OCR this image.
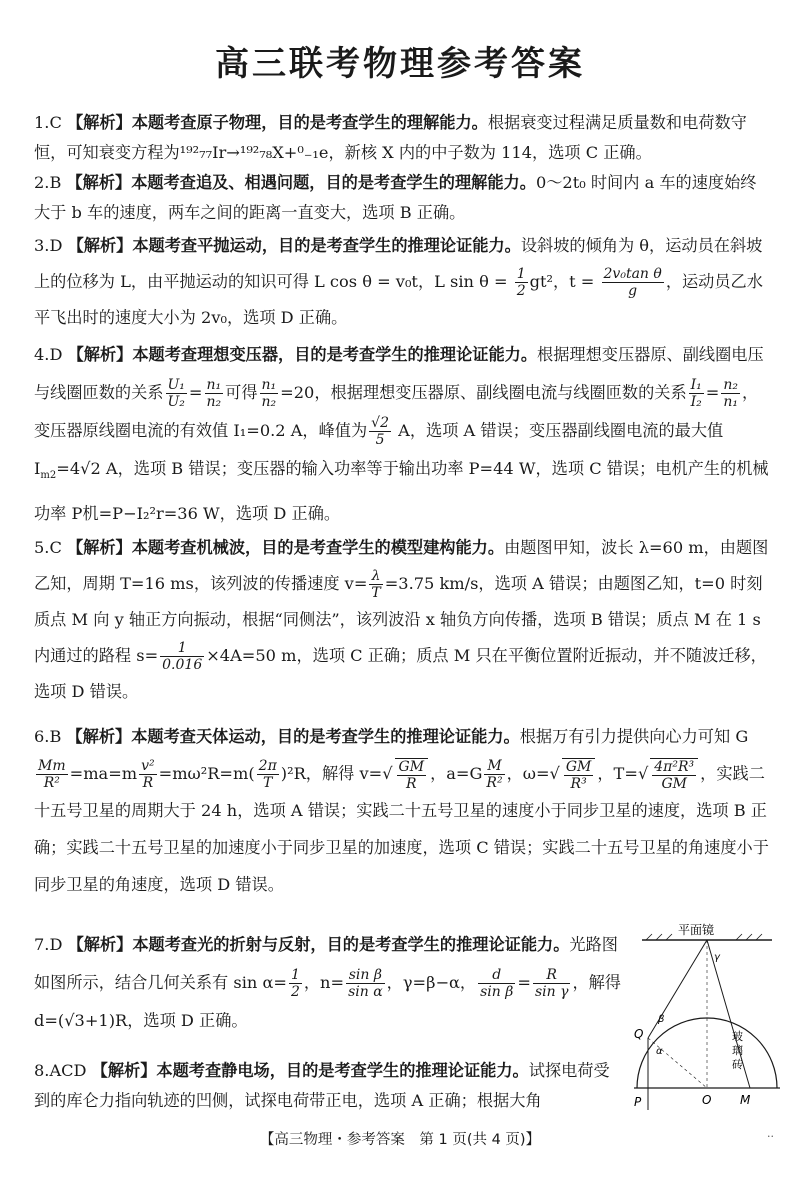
高三联考物理参考答案

1.C 【解析】本题考查原子物理，目的是考查学生的理解能力。根据衰变过程满足质量数和电荷数守恒，可知衰变方程为¹⁹²₇₇Ir→¹⁹²₇₈X+⁰₋₁e，新核 X 内的中子数为 114，选项 C 正确。

2.B 【解析】本题考查追及、相遇问题，目的是考查学生的理解能力。0～2t₀ 时间内 a 车的速度始终大于 b 车的速度，两车之间的距离一直变大，选项 B 正确。

3.D 【解析】本题考查平抛运动，目的是考查学生的推理论证能力。设斜坡的倾角为 θ，运动员在斜坡上的位移为 L，由平抛运动的知识可得 L cos θ = v₀t，L $\sin \theta = \frac{1}{2} gt^2$，$t = \frac{\text{2v₀tan θ}}{g}$ ，运动员乙水平飞出时的速度大小为 2v₀，选项 D 正确。

4.D 【解析】本题考查理想变压器，目的是考查学生的推理论证能力。根据理想变压器原、副线圈电压与线圈匝数的关系 $\frac{\text{U₁}}{\text{U₂}} = \frac{\text{n₁}}{\text{n₂}}$ 可得 $\frac{\text{n₁}}{\text{n₂}} =20$，根据理想变压器原、副线圈电流与线圈匝数的关系 $\frac{\text{I₁}}{\text{I₂}} = \frac{\text{n₂}}{\text{n₁}}$ ，变压器原线圈电流的有效值 I₁=0.2 A，峰值为 $\frac{√2}{5}$ A，选项 A 错误；变压器副线圈电流的最大值 $I_{m2}=4√2$ A，选项 B 错误；变压器的输入功率等于输出功率 P=44 W，选项 C 错误；电机产生的机械功率 P机=P−I₂²r=36 W，选项 D 正确。

5.C 【解析】本题考查机械波，目的是考查学生的模型建构能力。由题图甲知，波长 λ=60 m，由题图乙知，周期 T=16 ms，该列波的传播速度 $v= \frac{\lambda}{T} =3.75$ km/s，选项 A 错误；由题图乙知，t=0 时刻质点 M 向 y 轴正方向振动，根据“同侧法”，该列波沿 x 轴负方向传播，选项 B 错误；质点 M 在 1 s 内通过的路程 $s= \frac{1}{0.016} \times 4A=50$ m，选项 C 正确；质点 M 只在平衡位置附近振动，并不随波迁移，选项 D 错误。

6.B 【解析】本题考查天体运动，目的是考查学生的推理论证能力。根据万有引力提供向心力可知 G
$\frac{Mm}{\text{R²}} =ma=m \frac{\text{v²}}{R} =m\omega^2R=m( \frac{2\pi}{T} )^2R$，解得 $v=√ \frac{GM}{R}$ ，$a=G \frac{M}{\text{R²}}$ ，$\omega=√ \frac{GM}{\text{R³}}$ ，$T=√ \frac{\text{4π²R³}}{GM}$ ，实践二十五号卫星的周期大于 24 h，选项 A 错误；实践二十五号卫星的速度小于同步卫星的速度，选项 B 正确；实践二十五号卫星的加速度小于同步卫星的加速度，选项 C 错误；实践二十五号卫星的角速度小于同步卫星的角速度，选项 D 错误。

7.D 【解析】本题考查光的折射与反射，目的是考查学生的推理论证能力。光路图如图所示，结合几何关系有 $\sin \alpha= \frac{1}{2}$ ，$n= \frac{\text{sin β}}{\text{sin α}}$ ，γ=β−α， $\frac{d}{\text{sin β}} = \frac{R}{\text{sin γ}}$ ，解得 d=(√3+1)R，选项 D 正确。

8.ACD 【解析】本题考查静电场，目的是考查学生的推理论证能力。试探电荷受到的库仑力指向轨迹的凹侧，试探电荷带正电，选项 A 正确；根据大角

平面镜
Q
P	O M
α
β
γ
玻
璃
砖
【高三物理・参考答案　第 1 页(共 4 页)】	··
